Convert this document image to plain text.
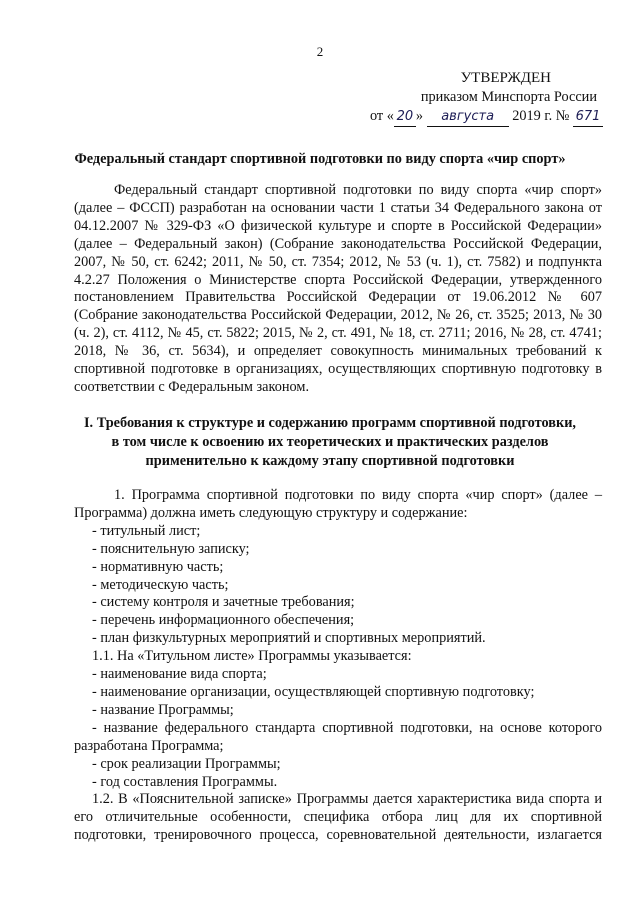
2
УТВЕРЖДЕН
приказом Минспорта России
от « 20 » августа 2019 г. № 671
Федеральный стандарт спортивной подготовки по виду спорта «чир спорт»

Федеральный стандарт спортивной подготовки по виду спорта «чир спорт» (далее – ФССП) разработан на основании части 1 статьи 34 Федерального закона от 04.12.2007 № 329-ФЗ «О физической культуре и спорте в Российской Федерации» (далее – Федеральный закон) (Собрание законодательства Российской Федерации, 2007, № 50, ст. 6242; 2011, № 50, ст. 7354; 2012, № 53 (ч. 1), ст. 7582) и подпункта 4.2.27 Положения о Министерстве спорта Российской Федерации, утвержденного постановлением Правительства Российской Федерации от 19.06.2012 № 607 (Собрание законодательства Российской Федерации, 2012, № 26, ст. 3525; 2013, № 30 (ч. 2), ст. 4112, № 45, ст. 5822; 2015, № 2, ст. 491, № 18, ст. 2711; 2016, № 28, ст. 4741; 2018, № 36, ст. 5634), и определяет совокупность минимальных требований к спортивной подготовке в организациях, осуществляющих спортивную подготовку в соответствии с Федеральным законом.

I. Требования к структуре и содержанию программ спортивной подготовки,
в том числе к освоению их теоретических и практических разделов
применительно к каждому этапу спортивной подготовки

1. Программа спортивной подготовки по виду спорта «чир спорт» (далее – Программа) должна иметь следующую структуру и содержание:

- титульный лист;

- пояснительную записку;

- нормативную часть;

- методическую часть;

- систему контроля и зачетные требования;

- перечень информационного обеспечения;

- план физкультурных мероприятий и спортивных мероприятий.

1.1. На «Титульном листе» Программы указывается:

- наименование вида спорта;

- наименование организации, осуществляющей спортивную подготовку;

- название Программы;

- название федерального стандарта спортивной подготовки, на основе которого разработана Программа;

- срок реализации Программы;

- год составления Программы.

1.2. В «Пояснительной записке» Программы дается характеристика вида спорта и его отличительные особенности, специфика отбора лиц для их спортивной подготовки, тренировочного процесса, соревновательной деятельности, излагается
